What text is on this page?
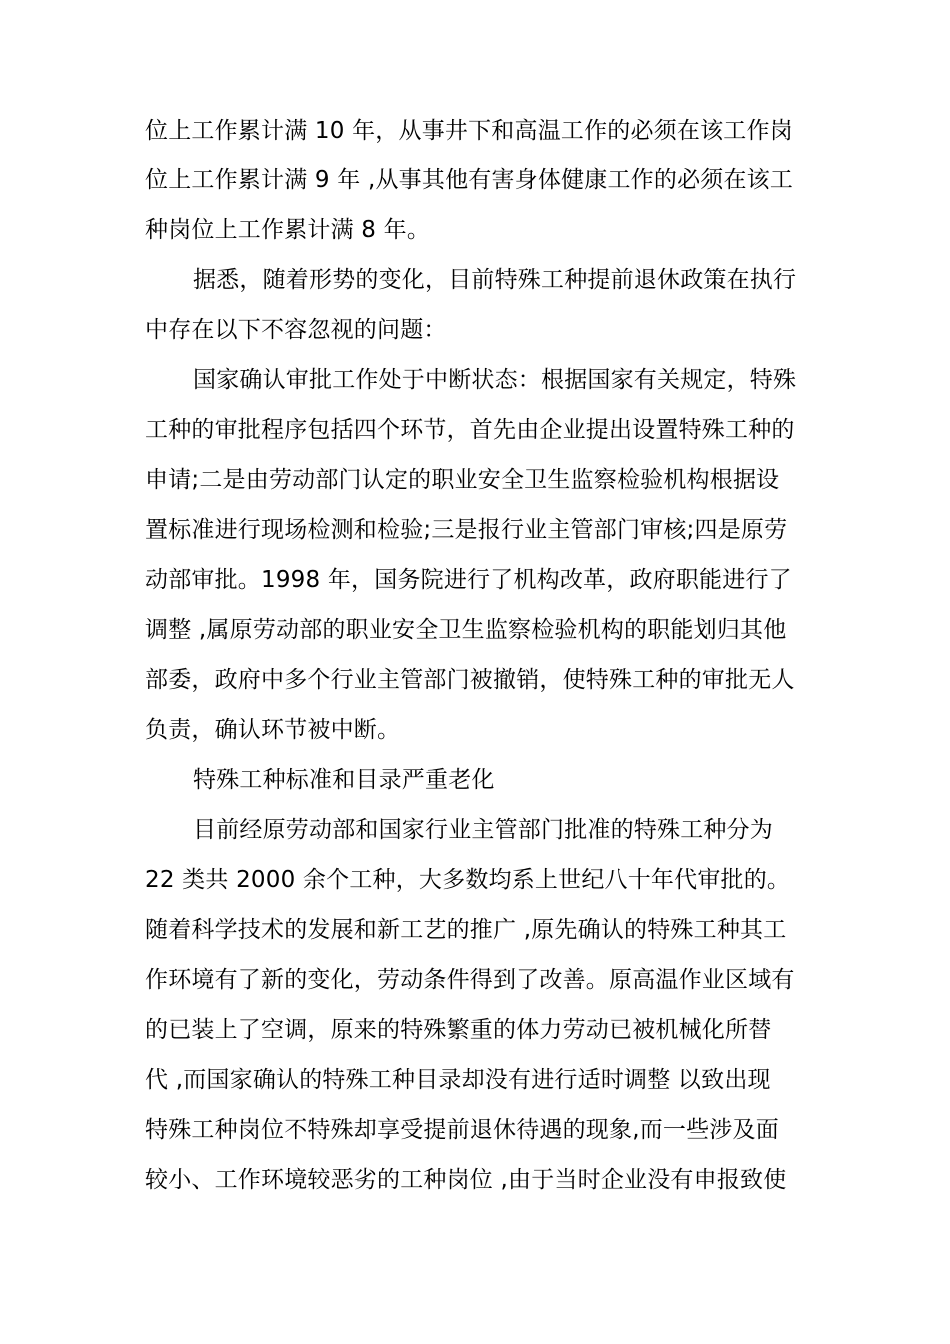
位上工作累计满 10 年，从事井下和高温工作的必须在该工作岗
位上工作累计满 9 年 ,从事其他有害身体健康工作的必须在该工
种岗位上工作累计满 8 年。
据悉，随着形势的变化，目前特殊工种提前退休政策在执行
中存在以下不容忽视的问题：
国家确认审批工作处于中断状态：根据国家有关规定，特殊
工种的审批程序包括四个环节，首先由企业提出设置特殊工种的
申请;二是由劳动部门认定的职业安全卫生监察检验机构根据设
置标准进行现场检测和检验;三是报行业主管部门审核;四是原劳
动部审批。1998 年，国务院进行了机构改革，政府职能进行了
调整 ,属原劳动部的职业安全卫生监察检验机构的职能划归其他
部委，政府中多个行业主管部门被撤销，使特殊工种的审批无人
负责，确认环节被中断。
特殊工种标准和目录严重老化
目前经原劳动部和国家行业主管部门批准的特殊工种分为
22 类共 2000 余个工种，大多数均系上世纪八十年代审批的。
随着科学技术的发展和新工艺的推广 ,原先确认的特殊工种其工
作环境有了新的变化，劳动条件得到了改善。原高温作业区域有
的已装上了空调，原来的特殊繁重的体力劳动已被机械化所替
代 ,而国家确认的特殊工种目录却没有进行适时调整 以致出现
特殊工种岗位不特殊却享受提前退休待遇的现象,而一些涉及面
较小、工作环境较恶劣的工种岗位 ,由于当时企业没有申报致使
